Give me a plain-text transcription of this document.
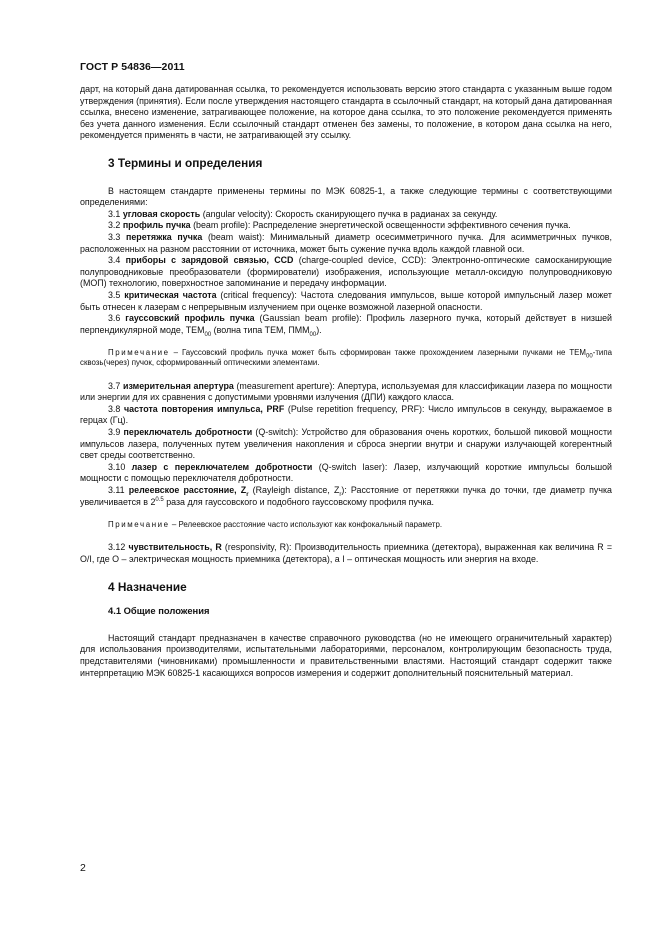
ГОСТ Р 54836—2011

дарт, на который дана датированная ссылка, то рекомендуется использовать версию этого стандарта с указанным выше годом утверждения (принятия). Если после утверждения настоящего стандарта в ссылочный стандарт, на который дана датированная ссылка, внесено изменение, затрагивающее положение, на которое дана ссылка, то это положение рекомендуется применять без учета данного изменения. Если ссылочный стандарт отменен без замены, то положение, в котором дана ссылка на него, рекомендуется применять в части, не затрагивающей эту ссылку.

3 Термины и определения

В настоящем стандарте применены термины по МЭК 60825-1, а также следующие термины с соответствующими определениями:

3.1 угловая скорость (angular velocity): Скорость сканирующего пучка в радианах за секунду.

3.2 профиль пучка (beam profile): Распределение энергетической освещенности эффективного сечения пучка.

3.3 перетяжка пучка (beam waist): Минимальный диаметр осесимметричного пучка. Для асимметричных пучков, расположенных на разном расстоянии от источника, может быть сужение пучка вдоль каждой главной оси.

3.4 приборы с зарядовой связью, CCD (charge-coupled device, CCD): Электронно-оптические самосканирующие полупроводниковые преобразователи (формирователи) изображения, использующие металл-оксидую полупроводниковую (МОП) технологию, поверхностное запоминание и передачу информации.

3.5 критическая частота (critical frequency): Частота следования импульсов, выше которой импульсный лазер может быть отнесен к лазерам с непрерывным излучением при оценке возможной лазерной опасности.

3.6 гауссовский профиль пучка (Gaussian beam profile): Профиль лазерного пучка, который действует в низшей перпендикулярной моде, $ТЕМ_{00}$ (волна типа ТЕМ, $ПММ_{00}$).

Примечание – Гауссовский профиль пучка может быть сформирован также прохождением лазерными пучками не $ТЕМ_{00}$-типа сквозь(через) пучок, сформированный оптическими элементами.

3.7 измерительная апертура (measurement aperture): Апертура, используемая для классификации лазера по мощности или энергии для их сравнения с допустимыми уровнями излучения (ДПИ) каждого класса.

3.8 частота повторения импульса, PRF (Pulse repetition frequency, PRF): Число импульсов в секунду, выражаемое в герцах (Гц).

3.9 переключатель добротности (Q-switch): Устройство для образования очень коротких, большой пиковой мощности импульсов лазера, полученных путем увеличения накопления и сброса энергии внутри и снаружи излучающей когерентный свет среды соответственно.

3.10 лазер с переключателем добротности (Q-switch laser): Лазер, излучающий короткие импульсы большой мощности с помощью переключателя добротности.

3.11 релеевское расстояние, $Z_r$ (Rayleigh distance, $Z_r$): Расстояние от перетяжки пучка до точки, где диаметр пучка увеличивается в $2^{0.5}$ раза для гауссовского и подобного гауссовскому профиля пучка.

Примечание – Релеевское расстояние часто используют как конфокальный параметр.

3.12 чувствительность, R (responsivity, R): Производительность приемника (детектора), выраженная как величина R = O/I, где O – электрическая мощность приемника (детектора), а I – оптическая мощность или энергия на входе.

4 Назначение
4.1 Общие положения

Настоящий стандарт предназначен в качестве справочного руководства (но не имеющего ограничительный характер) для использования производителями, испытательными лабораториями, персоналом, контролирующим безопасность труда, представителями (чиновниками) промышленности и правительственными властями. Настоящий стандарт содержит также интерпретацию МЭК 60825-1 касающихся вопросов измерения и содержит дополнительный пояснительный материал.

2
